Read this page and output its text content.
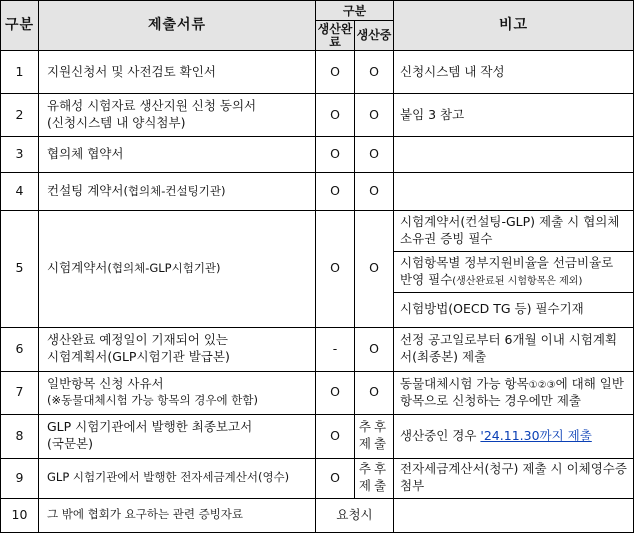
구분	제출서류	구분		비고
		생산완료	생산중	
1	지원신청서 및 사전검토 확인서	O	O	신청시스템 내 작성
2	유해성 시험자료 생산지원 신청 동의서
(신청시스템 내 양식첨부)	O	O	붙임 3 참고
3	협의체 협약서	O	O	
4	컨설팅 계약서(협의체-컨설팅기관)	O	O	
5	시험계약서(협의체-GLP시험기관)	O	O	시험계약서(컨설팅-GLP) 제출 시 협의체 소유권 증빙 필수
				시험항목별 정부지원비율을 선금비율로 반영 필수(생산완료된 시험항목은 제외)
				시험방법(OECD TG 등) 필수기재
6	생산완료 예정일이 기재되어 있는
시험계획서(GLP시험기관 발급본)	-	O	선정 공고일로부터 6개월 이내 시험계획서(최종본) 제출
7	일반항목 신청 사유서
(※동물대체시험 가능 항목의 경우에 한함)	O	O	동물대체시험 가능 항목①②③에 대해 일반항목으로 신청하는 경우에만 제출
8	GLP 시험기관에서 발행한 최종보고서
(국문본)	O	추후 제출	생산중인 경우 '24.11.30까지 제출
9	GLP 시험기관에서 발행한 전자세금계산서(영수)	O	추후 제출	전자세금계산서(청구) 제출 시 이체영수증 첨부
10	그 밖에 협회가 요구하는 관련 증빙자료	요청시		
